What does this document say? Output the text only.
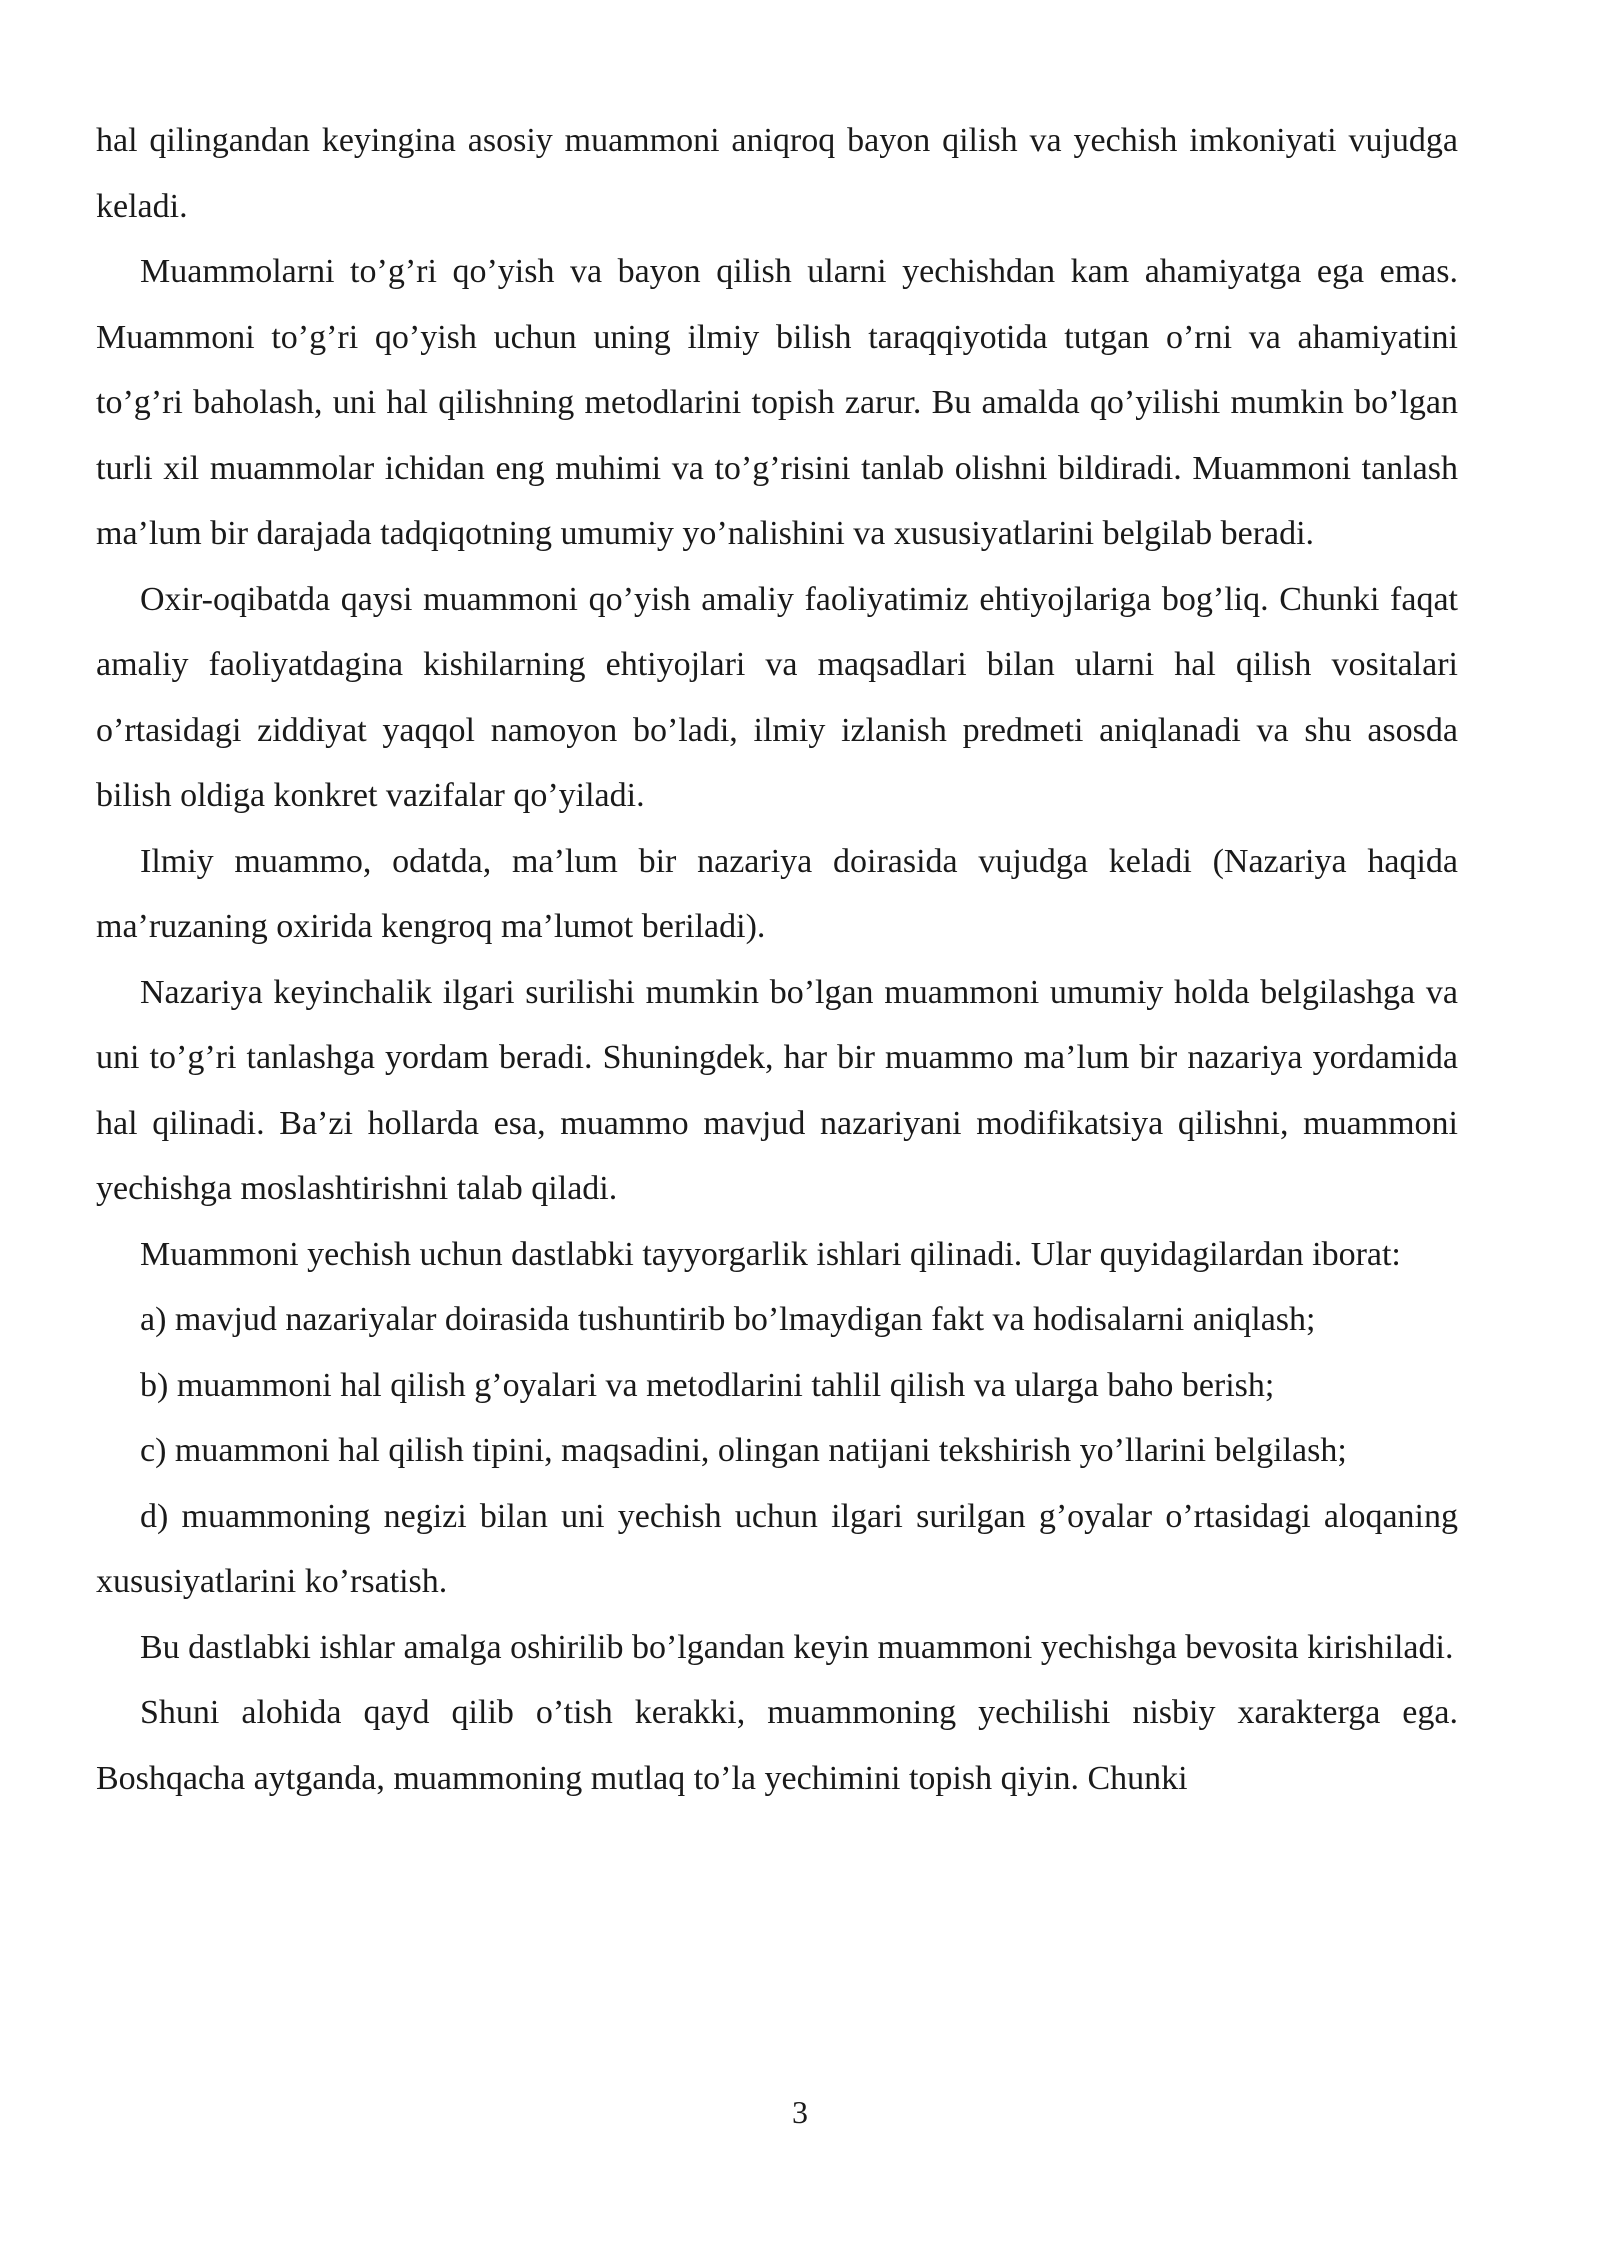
hal qilingandan keyingina asosiy muammoni aniqroq bayon qilish va yechish imkoniyati vujudga keladi.

Muammolarni to’g’ri qo’yish va bayon qilish ularni yechishdan kam ahamiyatga ega emas. Muammoni to’g’ri qo’yish uchun uning ilmiy bilish taraqqiyotida tutgan o’rni va ahamiyatini to’g’ri baholash, uni hal qilishning metodlarini topish zarur. Bu amalda qo’yilishi mumkin bo’lgan turli xil muammolar ichidan eng muhimi va to’g’risini tanlab olishni bildiradi. Muammoni tanlash ma’lum bir darajada tadqiqotning umumiy yo’nalishini va xususiyatlarini belgilab beradi.

Oxir-oqibatda qaysi muammoni qo’yish amaliy faoliyatimiz ehtiyojlariga bog’liq. Chunki faqat amaliy faoliyatdagina kishilarning ehtiyojlari va maqsadlari bilan ularni hal qilish vositalari o’rtasidagi ziddiyat yaqqol namoyon bo’ladi, ilmiy izlanish predmeti aniqlanadi va shu asosda bilish oldiga konkret vazifalar qo’yiladi.

Ilmiy muammo, odatda, ma’lum bir nazariya doirasida vujudga keladi (Nazariya haqida ma’ruzaning oxirida kengroq ma’lumot beriladi).

Nazariya keyinchalik ilgari surilishi mumkin bo’lgan muammoni umumiy holda belgilashga va uni to’g’ri tanlashga yordam beradi. Shuningdek, har bir muammo ma’lum bir nazariya yordamida hal qilinadi. Ba’zi hollarda esa, muammo mavjud nazariyani modifikatsiya qilishni, muammoni yechishga moslashtirishni talab qiladi.

Muammoni yechish uchun dastlabki tayyorgarlik ishlari qilinadi. Ular quyidagilardan iborat:

a) mavjud nazariyalar doirasida tushuntirib bo’lmaydigan fakt va hodisalarni aniqlash;

b) muammoni hal qilish g’oyalari va metodlarini tahlil qilish va ularga baho berish;

c) muammoni hal qilish tipini, maqsadini, olingan natijani tekshirish yo’llarini belgilash;

d) muammoning negizi bilan uni yechish uchun ilgari surilgan g’oyalar o’rtasidagi aloqaning xususiyatlarini ko’rsatish.

Bu dastlabki ishlar amalga oshirilib bo’lgandan keyin muammoni yechishga bevosita kirishiladi.

Shuni alohida qayd qilib o’tish kerakki, muammoning yechilishi nisbiy xarakterga ega. Boshqacha aytganda, muammoning mutlaq to’la yechimini topish qiyin. Chunki

3
